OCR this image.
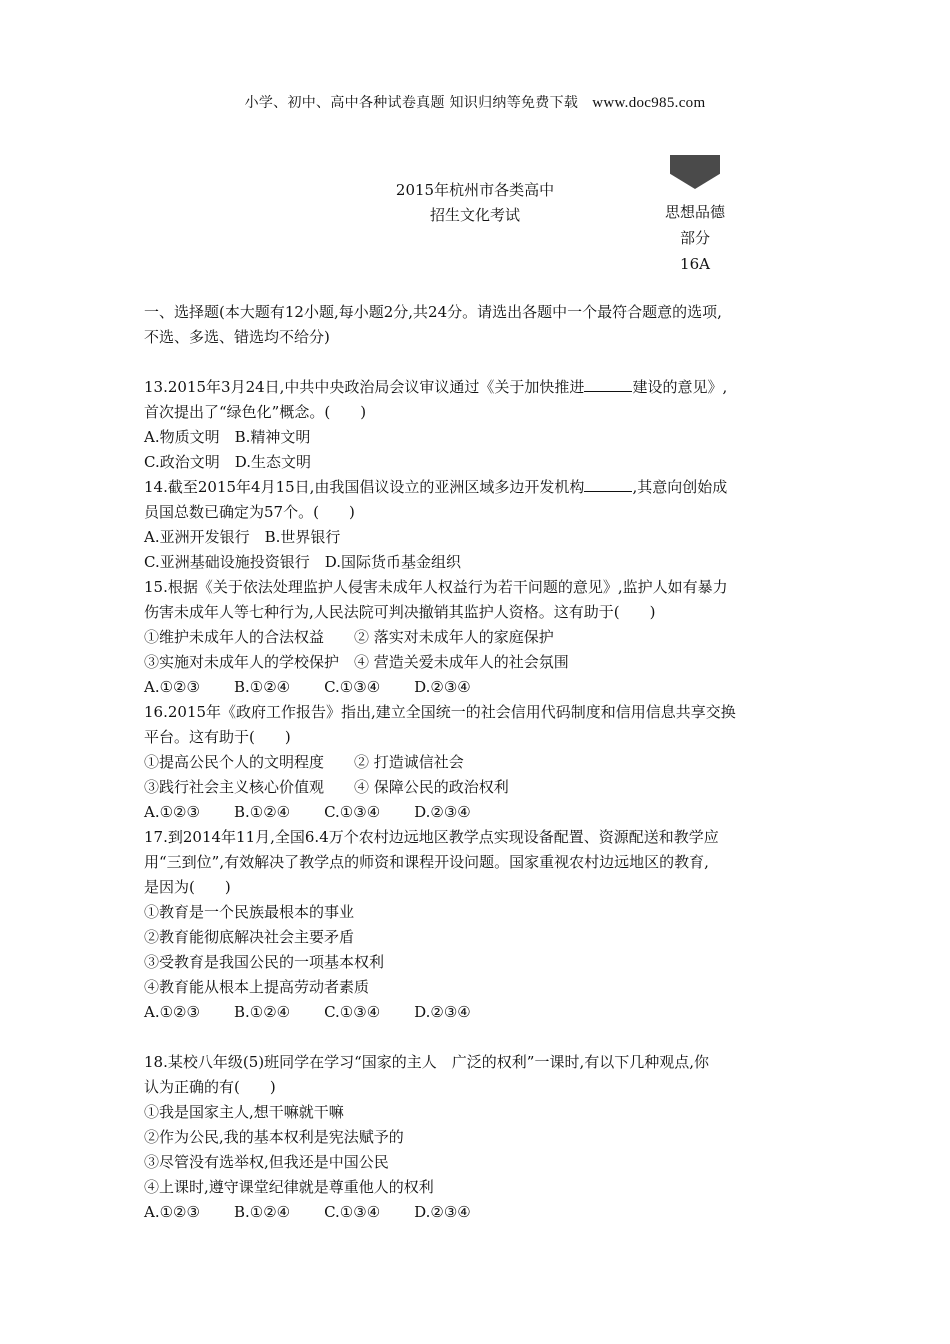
小学、初中、高中各种试卷真题 知识归纳等免费下载 www.doc985.com
2015年杭州市各类高中
招生文化考试	思想品德
部分
16A

一、选择题(本大题有12小题,每小题2分,共24分。请选出各题中一个最符合题意的选项,

不选、多选、错选均不给分)

13.2015年3月24日,中共中央政治局会议审议通过《关于加快推进	建设的意见》,

首次提出了“绿色化”概念。(　　)

A.物质文明　B.精神文明

C.政治文明　D.生态文明

14.截至2015年4月15日,由我国倡议设立的亚洲区域多边开发机构	,其意向创始成

员国总数已确定为57个。(　　)

A.亚洲开发银行　B.世界银行

C.亚洲基础设施投资银行　D.国际货币基金组织

15.根据《关于依法处理监护人侵害未成年人权益行为若干问题的意见》,监护人如有暴力

伤害未成年人等七种行为,人民法院可判决撤销其监护人资格。这有助于(　　)

①维护未成年人的合法权益　　② 落实对未成年人的家庭保护

③实施对未成年人的学校保护　④ 营造关爱未成年人的社会氛围

A.①②③ B.①②④ C.①③④ D.②③④

16.2015年《政府工作报告》指出,建立全国统一的社会信用代码制度和信用信息共享交换

平台。这有助于(　　)

①提高公民个人的文明程度　　② 打造诚信社会

③践行社会主义核心价值观　　④ 保障公民的政治权利

A.①②③ B.①②④ C.①③④ D.②③④

17.到2014年11月,全国6.4万个农村边远地区教学点实现设备配置、资源配送和教学应

用“三到位”,有效解决了教学点的师资和课程开设问题。国家重视农村边远地区的教育,

是因为(　　)

①教育是一个民族最根本的事业

②教育能彻底解决社会主要矛盾

③受教育是我国公民的一项基本权利

④教育能从根本上提高劳动者素质

A.①②③ B.①②④ C.①③④ D.②③④

18.某校八年级(5)班同学在学习“国家的主人　广泛的权利”一课时,有以下几种观点,你

认为正确的有(　　)

①我是国家主人,想干嘛就干嘛

②作为公民,我的基本权利是宪法赋予的

③尽管没有选举权,但我还是中国公民

④上课时,遵守课堂纪律就是尊重他人的权利

A.①②③ B.①②④ C.①③④ D.②③④
